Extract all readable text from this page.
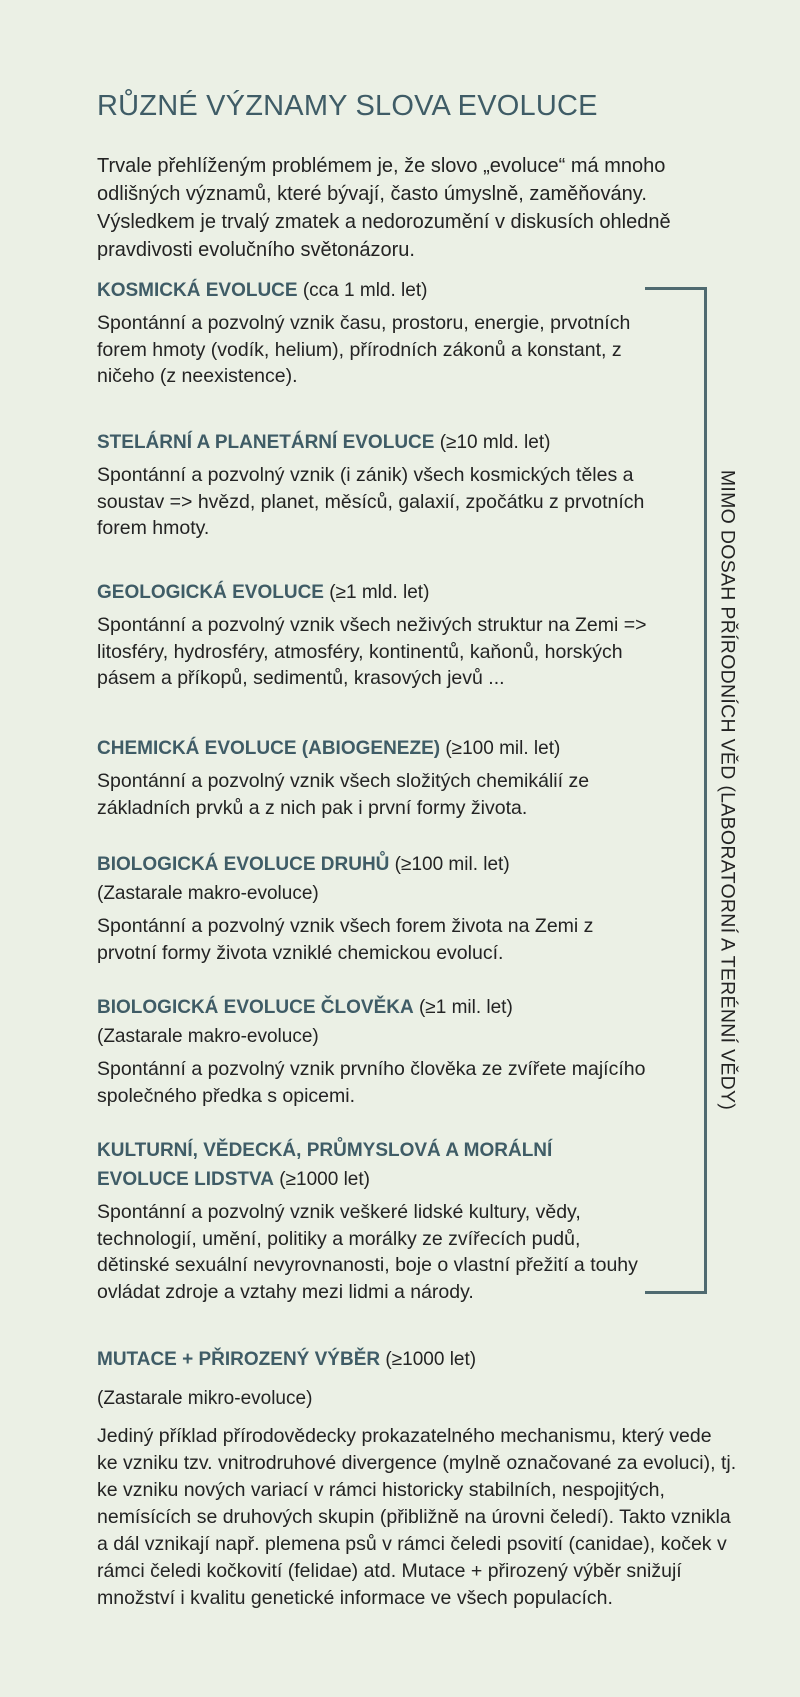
RŮZNÉ VÝZNAMY SLOVA EVOLUCE
Trvale přehlíženým problémem je, že slovo „evoluce“ má mnoho odlišných významů, které bývají, často úmyslně, zaměňovány. Výsledkem je trvalý zmatek a nedorozumění v diskusích ohledně pravdivosti evolučního světonázoru.
KOSMICKÁ EVOLUCE (cca 1 mld. let)
Spontánní a pozvolný vznik času, prostoru, energie, prvotních forem hmoty (vodík, helium), přírodních zákonů a konstant, z ničeho (z neexistence).
STELÁRNÍ A PLANETÁRNÍ EVOLUCE (≥10 mld. let)
Spontánní a pozvolný vznik (i zánik) všech kosmických těles a soustav => hvězd, planet, měsíců, galaxií, zpočátku z prvotních forem hmoty.
GEOLOGICKÁ EVOLUCE (≥1 mld. let)
Spontánní a pozvolný vznik všech neživých struktur na Zemi => litosféry, hydrosféry, atmosféry, kontinentů, kaňonů, horských pásem a příkopů, sedimentů, krasových jevů ...
CHEMICKÁ EVOLUCE (ABIOGENEZE) (≥100 mil. let)
Spontánní a pozvolný vznik všech složitých chemikálií ze základních prvků a z nich pak i první formy života.
BIOLOGICKÁ EVOLUCE DRUHŮ (≥100 mil. let)
(Zastarale makro-evoluce)
Spontánní a pozvolný vznik všech forem života na Zemi z prvotní formy života vzniklé chemickou evolucí.
BIOLOGICKÁ EVOLUCE ČLOVĚKA (≥1 mil. let)
(Zastarale makro-evoluce)
Spontánní a pozvolný vznik prvního člověka ze zvířete majícího společného předka s opicemi.
KULTURNÍ, VĚDECKÁ, PRŮMYSLOVÁ A MORÁLNÍ EVOLUCE LIDSTVA (≥1000 let)
Spontánní a pozvolný vznik veškeré lidské kultury, vědy, technologií, umění, politiky a morálky ze zvířecích pudů, dětinské sexuální nevyrovnanosti, boje o vlastní přežití a touhy ovládat zdroje a vztahy mezi lidmi a národy.
MIMO DOSAH PŘÍRODNÍCH VĚD (LABORATORNÍ A TERÉNNÍ VĚDY)
MUTACE + PŘIROZENÝ VÝBĚR (≥1000 let)
(Zastarale mikro-evoluce)
Jediný příklad přírodovědecky prokazatelného mechanismu, který vede ke vzniku tzv. vnitrodruhové divergence (mylně označované za evoluci), tj. ke vzniku nových variací v rámci historicky stabilních, nespojitých, nemísících se druhových skupin (přibližně na úrovni čeledí). Takto vznikla a dál vznikají např. plemena psů v rámci čeledi psovití (canidae), koček v rámci čeledi kočkovití (felidae) atd. Mutace + přirozený výběr snižují množství i kvalitu genetické informace ve všech populacích.
